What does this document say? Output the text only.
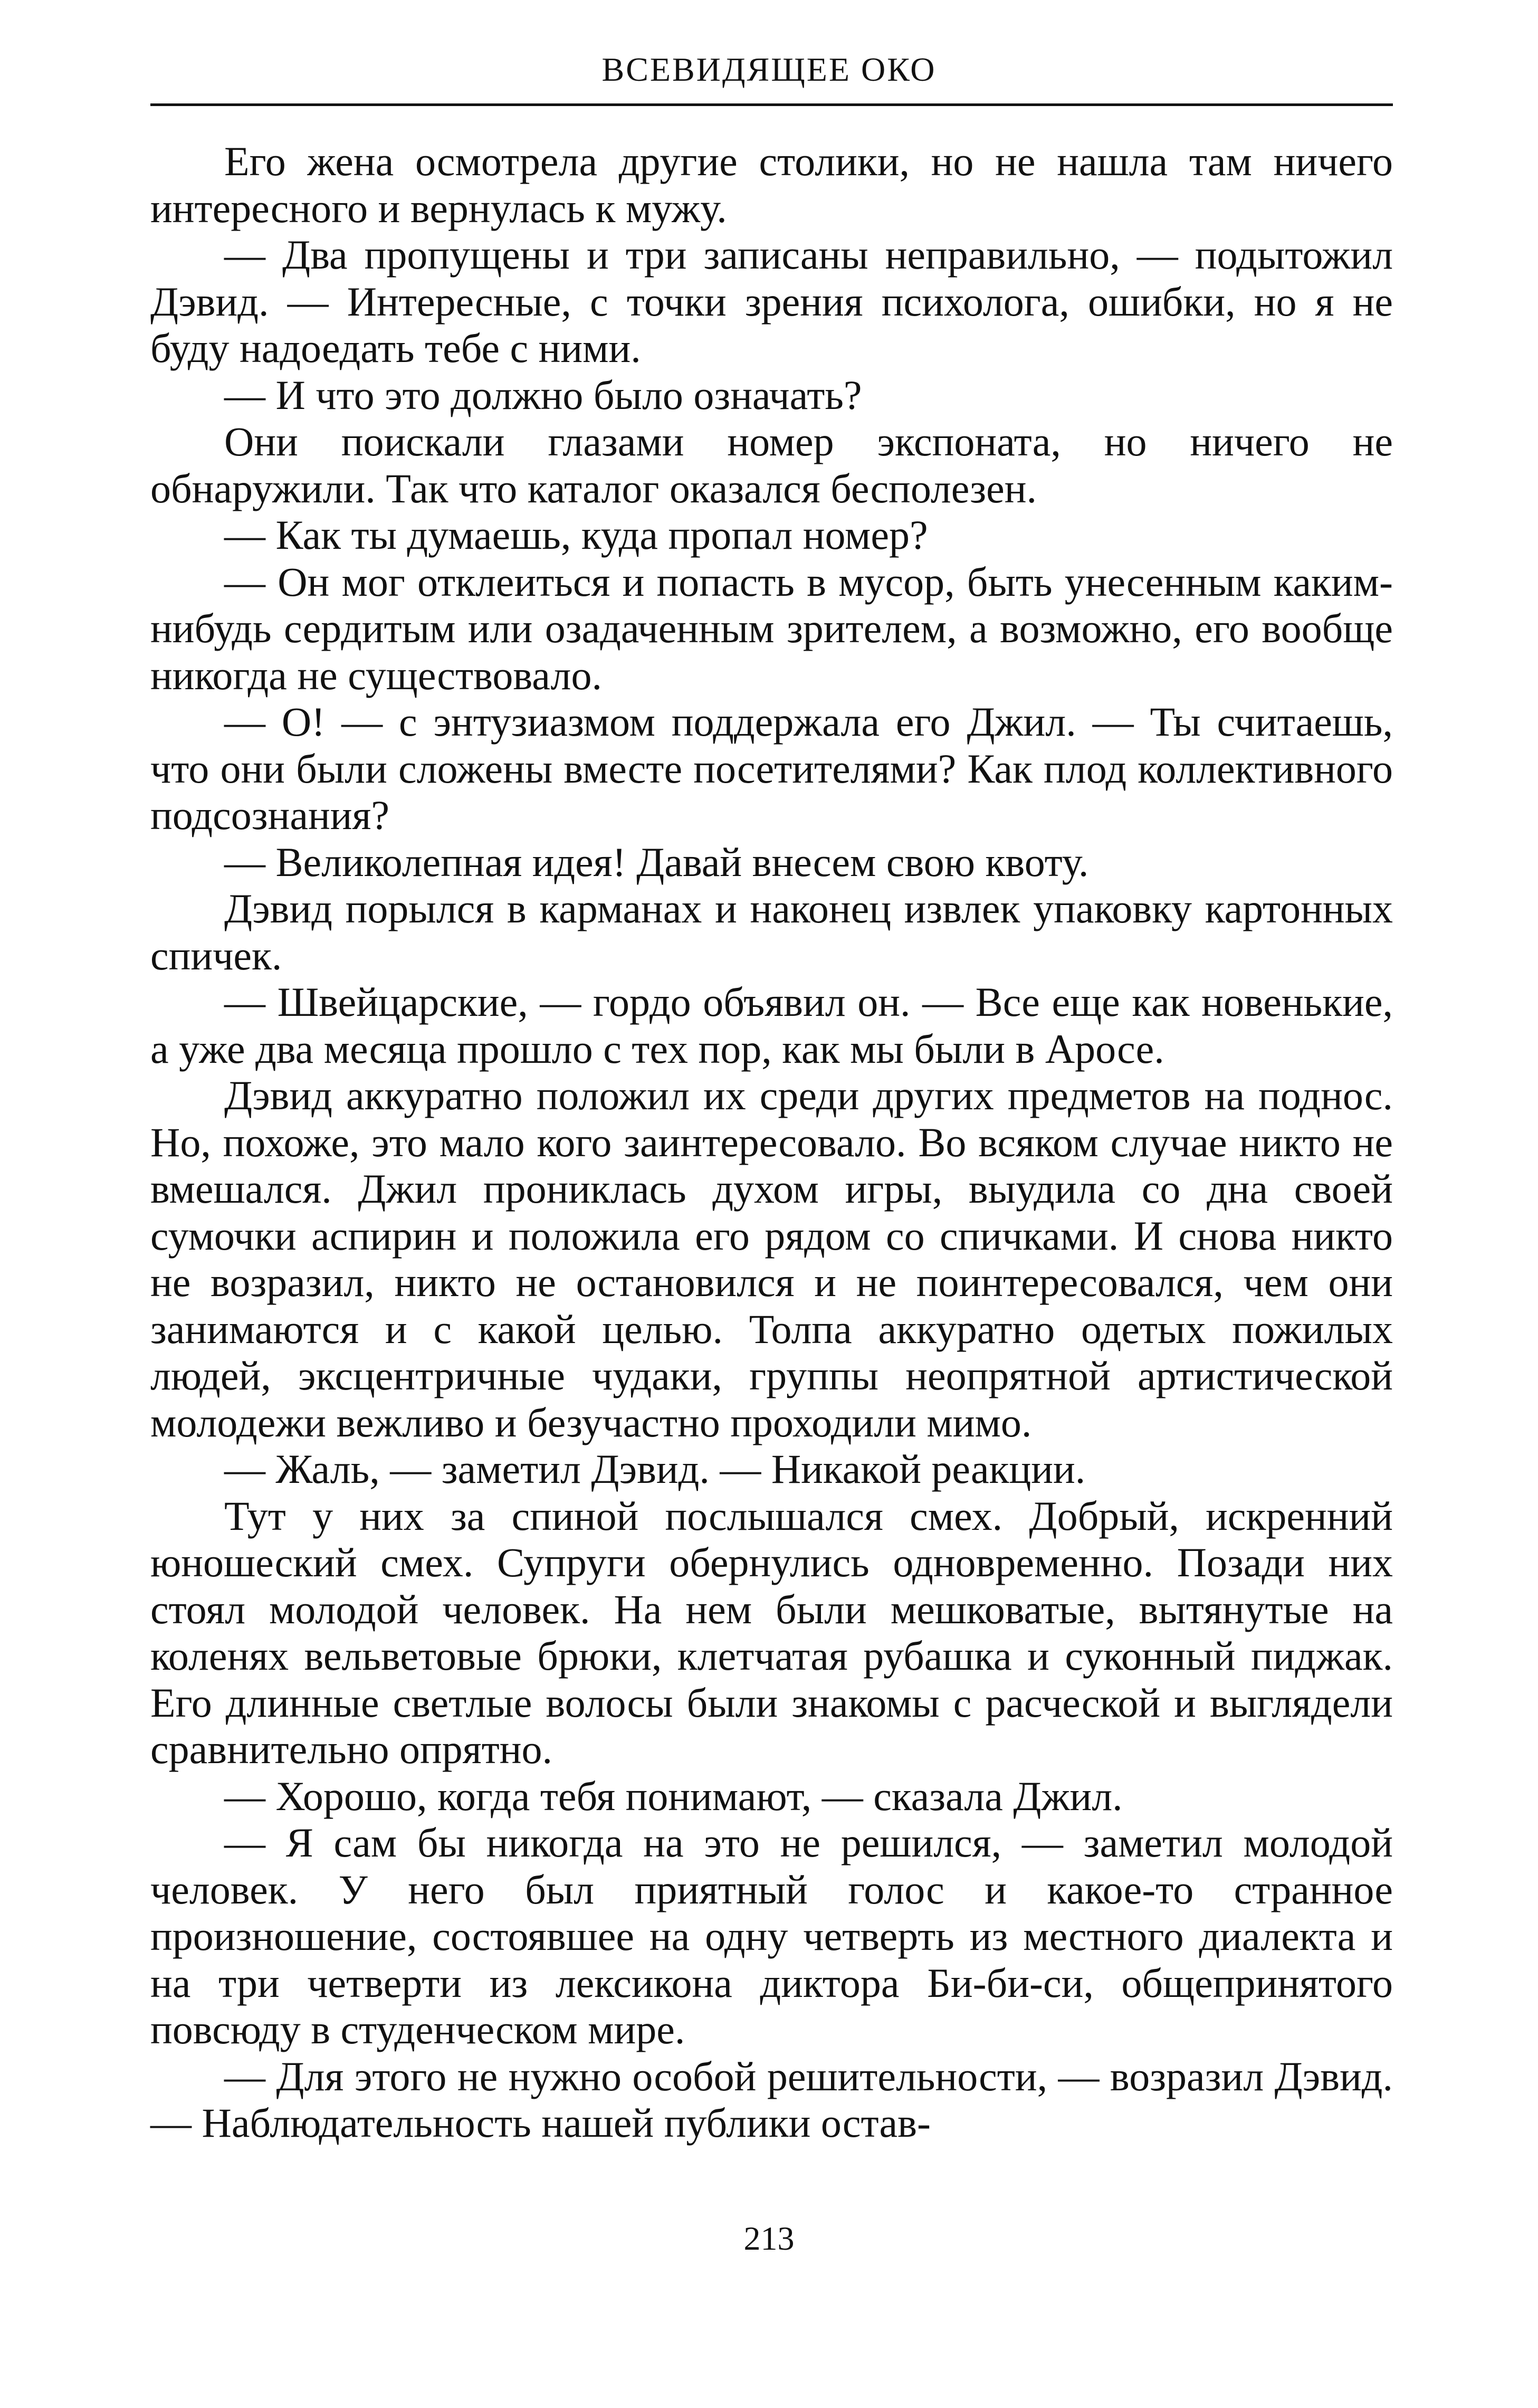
ВСЕВИДЯЩЕЕ ОКО

Его жена осмотрела другие столики, но не нашла там ничего интересного и вернулась к мужу.

— Два пропущены и три записаны неправильно, — подытожил Дэвид. — Интересные, с точки зрения психолога, ошибки, но я не буду надоедать тебе с ними.

— И что это должно было означать?

Они поискали глазами номер экспоната, но ничего не обнаружили. Так что каталог оказался бесполезен.

— Как ты думаешь, куда пропал номер?

— Он мог отклеиться и попасть в мусор, быть унесенным каким-нибудь сердитым или озадаченным зрителем, а возможно, его вообще никогда не существовало.

— О! — с энтузиазмом поддержала его Джил. — Ты считаешь, что они были сложены вместе посетителями? Как плод коллективного подсознания?

— Великолепная идея! Давай внесем свою квоту.

Дэвид порылся в карманах и наконец извлек упаковку картонных спичек.

— Швейцарские, — гордо объявил он. — Все еще как новенькие, а уже два месяца прошло с тех пор, как мы были в Аросе.

Дэвид аккуратно положил их среди других предметов на поднос. Но, похоже, это мало кого заинтересовало. Во всяком случае никто не вмешался. Джил прониклась духом игры, выудила со дна своей сумочки аспирин и положила его рядом со спичками. И снова никто не возразил, никто не остановился и не поинтересовался, чем они занимаются и с какой целью. Толпа аккуратно одетых пожилых людей, эксцентричные чудаки, группы неопрятной артистической молодежи вежливо и безучастно проходили мимо.

— Жаль, — заметил Дэвид. — Никакой реакции.

Тут у них за спиной послышался смех. Добрый, искренний юношеский смех. Супруги обернулись одновременно. Позади них стоял молодой человек. На нем были мешковатые, вытянутые на коленях вельветовые брюки, клетчатая рубашка и суконный пиджак. Его длинные светлые волосы были знакомы с расческой и выглядели сравнительно опрятно.

— Хорошо, когда тебя понимают, — сказала Джил.

— Я сам бы никогда на это не решился, — заметил молодой человек. У него был приятный голос и какое-то странное произношение, состоявшее на одну четверть из местного диалекта и на три четверти из лексикона диктора Би-би-си, общепринятого повсюду в студенческом мире.

— Для этого не нужно особой решительности, — возразил Дэвид. — Наблюдательность нашей публики остав-

213
